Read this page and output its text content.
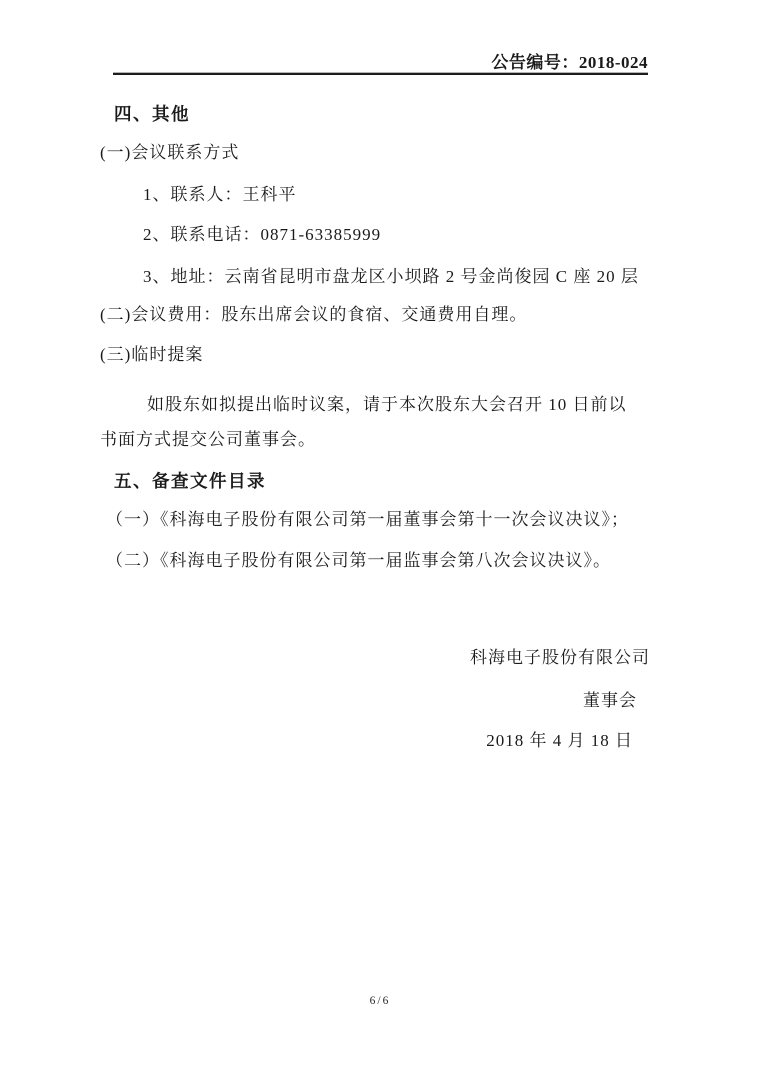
公告编号：2018-024
四、其他
(一)会议联系方式
1、联系人：王科平
2、联系电话：0871-63385999
3、地址：云南省昆明市盘龙区小坝路 2 号金尚俊园 C 座 20 层
(二)会议费用：股东出席会议的食宿、交通费用自理。
(三)临时提案
如股东如拟提出临时议案，请于本次股东大会召开 10 日前以
书面方式提交公司董事会。
五、备查文件目录
（一）《科海电子股份有限公司第一届董事会第十一次会议决议》；
（二）《科海电子股份有限公司第一届监事会第八次会议决议》。
科海电子股份有限公司
董事会
2018 年 4 月 18 日
6/6
